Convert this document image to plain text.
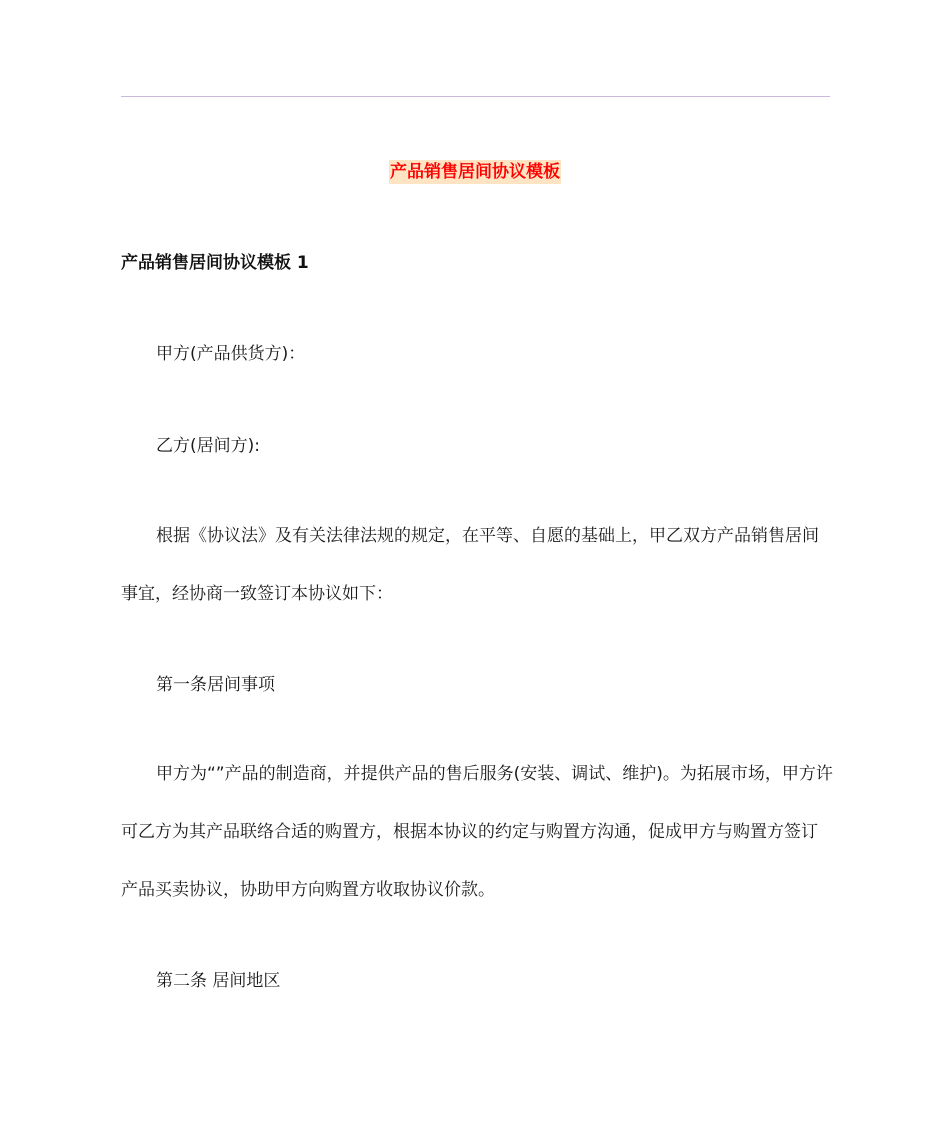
产品销售居间协议模板
产品销售居间协议模板 1
甲方(产品供货方)：
乙方(居间方):
根据《协议法》及有关法律法规的规定，在平等、自愿的基础上，甲乙双方产品销售居间事宜，经协商一致签订本协议如下：
第一条居间事项
甲方为“”产品的制造商，并提供产品的售后服务(安装、调试、维护)。为拓展市场，甲方许可乙方为其产品联络合适的购置方，根据本协议的约定与购置方沟通，促成甲方与购置方签订产品买卖协议，协助甲方向购置方收取协议价款。
第二条 居间地区
